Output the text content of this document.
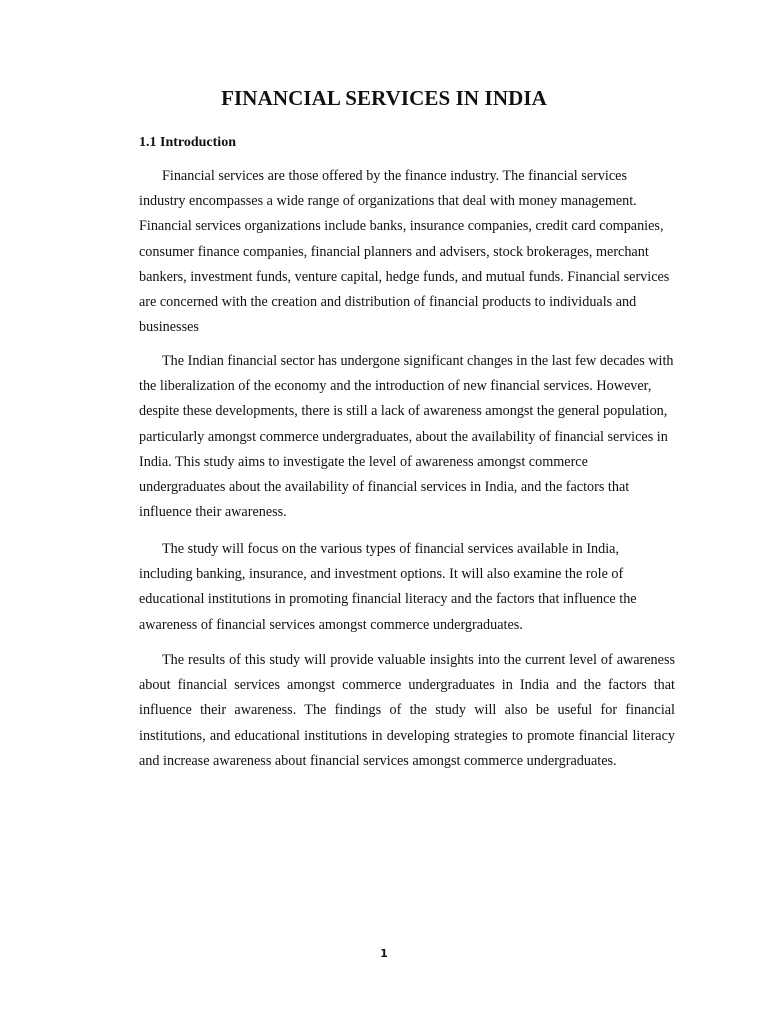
FINANCIAL SERVICES IN INDIA
1.1 Introduction

Financial services are those offered by the finance industry. The financial services industry encompasses a wide range of organizations that deal with money management. Financial services organizations include banks, insurance companies, credit card companies, consumer finance companies, financial planners and advisers, stock brokerages, merchant bankers, investment funds, venture capital, hedge funds, and mutual funds. Financial services are concerned with the creation and distribution of financial products to individuals and businesses

The Indian financial sector has undergone significant changes in the last few decades with the liberalization of the economy and the introduction of new financial services. However, despite these developments, there is still a lack of awareness amongst the general population, particularly amongst commerce undergraduates, about the availability of financial services in India. This study aims to investigate the level of awareness amongst commerce undergraduates about the availability of financial services in India, and the factors that influence their awareness.

The study will focus on the various types of financial services available in India, including banking, insurance, and investment options. It will also examine the role of educational institutions in promoting financial literacy and the factors that influence the awareness of financial services amongst commerce undergraduates.

The results of this study will provide valuable insights into the current level of awareness about financial services amongst commerce undergraduates in India and the factors that influence their awareness. The findings of the study will also be useful for financial institutions, and educational institutions in developing strategies to promote financial literacy and increase awareness about financial services amongst commerce undergraduates.

1
